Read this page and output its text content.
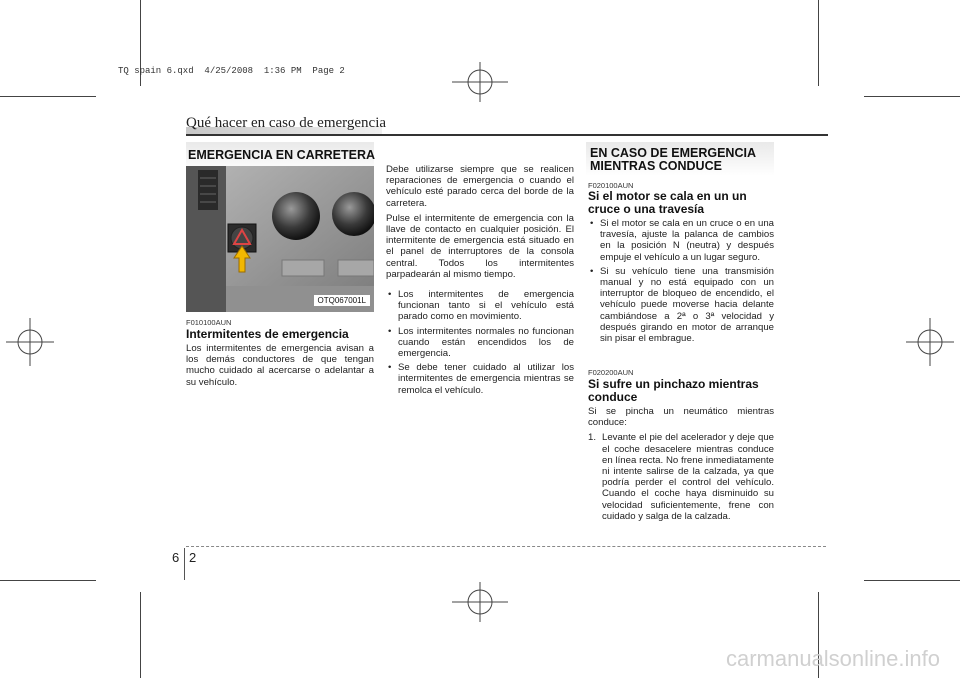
TQ spain 6.qxd  4/25/2008  1:36 PM  Page 2
Qué hacer en caso de emergencia
EMERGENCIA EN CARRETERA
OTQ067001L
F010100AUN
Intermitentes de emergencia

Los intermitentes de emergencia avisan a los demás conductores de que tengan mucho cuidado al acercarse o adelantar a su vehículo.

Debe utilizarse siempre que se realicen reparaciones de emergencia o cuando el vehículo esté parado cerca del borde de la carretera.

Pulse el intermitente de emergencia con la llave de contacto en cualquier posición. El intermitente de emergencia está situado en el panel de interruptores de la consola central. Todos los intermitentes parpadearán al mismo tiempo.

• Los intermitentes de emergencia funcionan tanto si el vehículo está parado como en movimiento.
• Los intermitentes normales no funcionan cuando están encendidos los de emergencia.
• Se debe tener cuidado al utilizar los intermitentes de emergencia mientras se remolca el vehículo.
EN CASO DE EMERGENCIA
MIENTRAS CONDUCE
F020100AUN
Si el motor se cala en un un
cruce o una travesía
• Si el motor se cala en un cruce o en una travesía, ajuste la palanca de cambios en la posición N (neutra) y después empuje el vehículo a un lugar seguro.
• Si su vehículo tiene una transmisión manual y no está equipado con un interruptor de bloqueo de encendido, el vehículo puede moverse hacia delante cambiándose a 2ª o 3ª velocidad y después girando en motor de arranque sin pisar el embrague.
F020200AUN
Si sufre un pinchazo mientras
conduce

Si se pincha un neumático mientras conduce:

1. Levante el pie del acelerador y deje que el coche desacelere mientras conduce en línea recta. No frene inmediatamente ni intente salirse de la calzada, ya que podría perder el control del vehículo. Cuando el coche haya disminuido su velocidad suficientemente, frene con cuidado y salga de la calzada.
6 2
carmanualsonline.info
